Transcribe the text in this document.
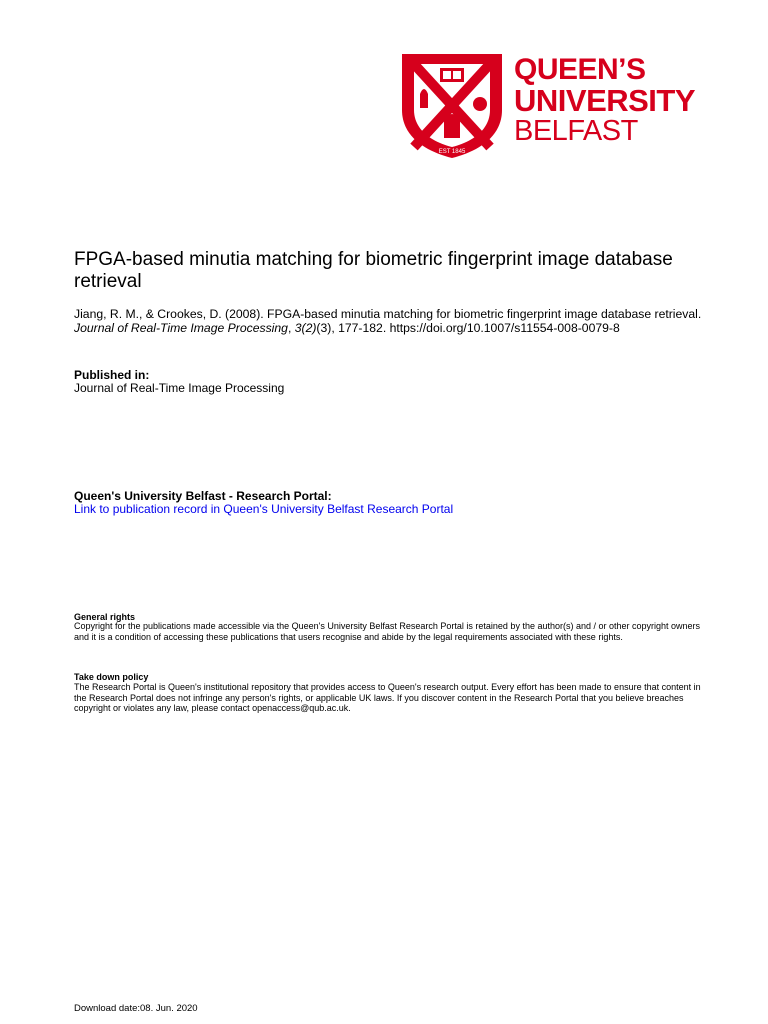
EST 1845
QUEEN’S
UNIVERSITY
BELFAST
FPGA-based minutia matching for biometric fingerprint image database retrieval
Jiang, R. M., & Crookes, D. (2008). FPGA-based minutia matching for biometric fingerprint image database retrieval. Journal of Real-Time Image Processing, 3(2)(3), 177-182. https://doi.org/10.1007/s11554-008-0079-8
Published in:
Journal of Real-Time Image Processing
Queen's University Belfast - Research Portal:
Link to publication record in Queen's University Belfast Research Portal
General rights
Copyright for the publications made accessible via the Queen's University Belfast Research Portal is retained by the author(s) and / or other copyright owners and it is a condition of accessing these publications that users recognise and abide by the legal requirements associated with these rights.
Take down policy
The Research Portal is Queen's institutional repository that provides access to Queen's research output. Every effort has been made to ensure that content in the Research Portal does not infringe any person's rights, or applicable UK laws. If you discover content in the Research Portal that you believe breaches copyright or violates any law, please contact openaccess@qub.ac.uk.
Download date:08. Jun. 2020
